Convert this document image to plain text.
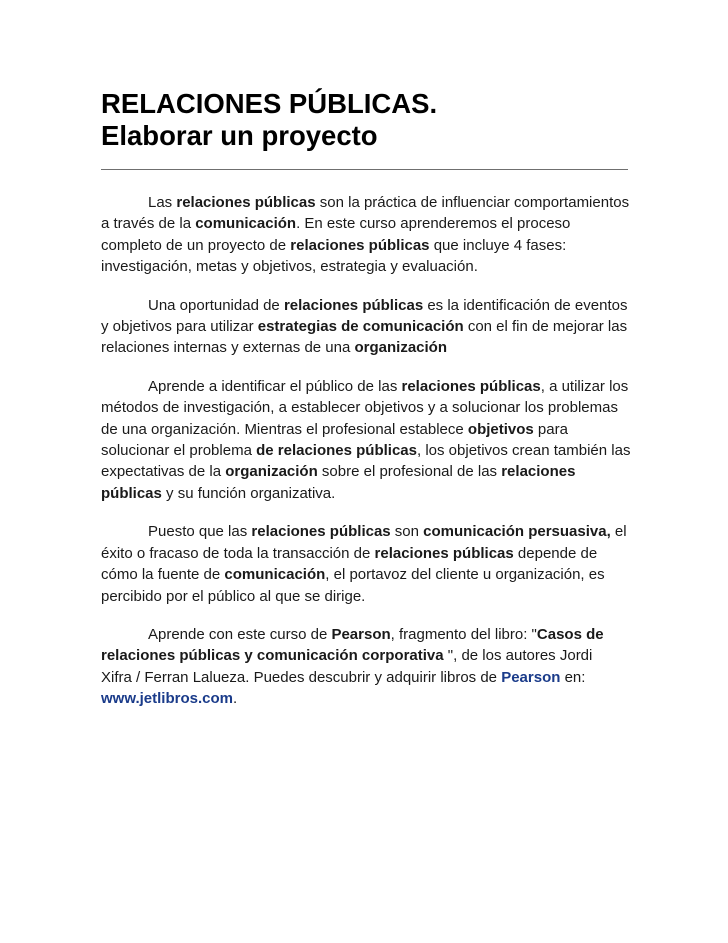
RELACIONES PÚBLICAS.
Elaborar un proyecto

Las relaciones públicas son la práctica de influenciar comportamientos
a través de la comunicación. En este curso aprenderemos el proceso
completo de un proyecto de relaciones públicas que incluye 4 fases:
investigación, metas y objetivos, estrategia y evaluación.

Una oportunidad de relaciones públicas es la identificación de eventos
y objetivos para utilizar estrategias de comunicación con el fin de mejorar las
relaciones internas y externas de una organización

Aprende a identificar el público de las relaciones públicas, a utilizar los
métodos de investigación, a establecer objetivos y a solucionar los problemas
de una organización. Mientras el profesional establece objetivos para
solucionar el problema de relaciones públicas, los objetivos crean también las
expectativas de la organización sobre el profesional de las relaciones
públicas y su función organizativa.

Puesto que las relaciones públicas son comunicación persuasiva, el
éxito o fracaso de toda la transacción de relaciones públicas depende de
cómo la fuente de comunicación, el portavoz del cliente u organización, es
percibido por el público al que se dirige.

Aprende con este curso de Pearson, fragmento del libro: "Casos de
relaciones públicas y comunicación corporativa ", de los autores Jordi
Xifra / Ferran Lalueza. Puedes descubrir y adquirir libros de Pearson en:
www.jetlibros.com.
